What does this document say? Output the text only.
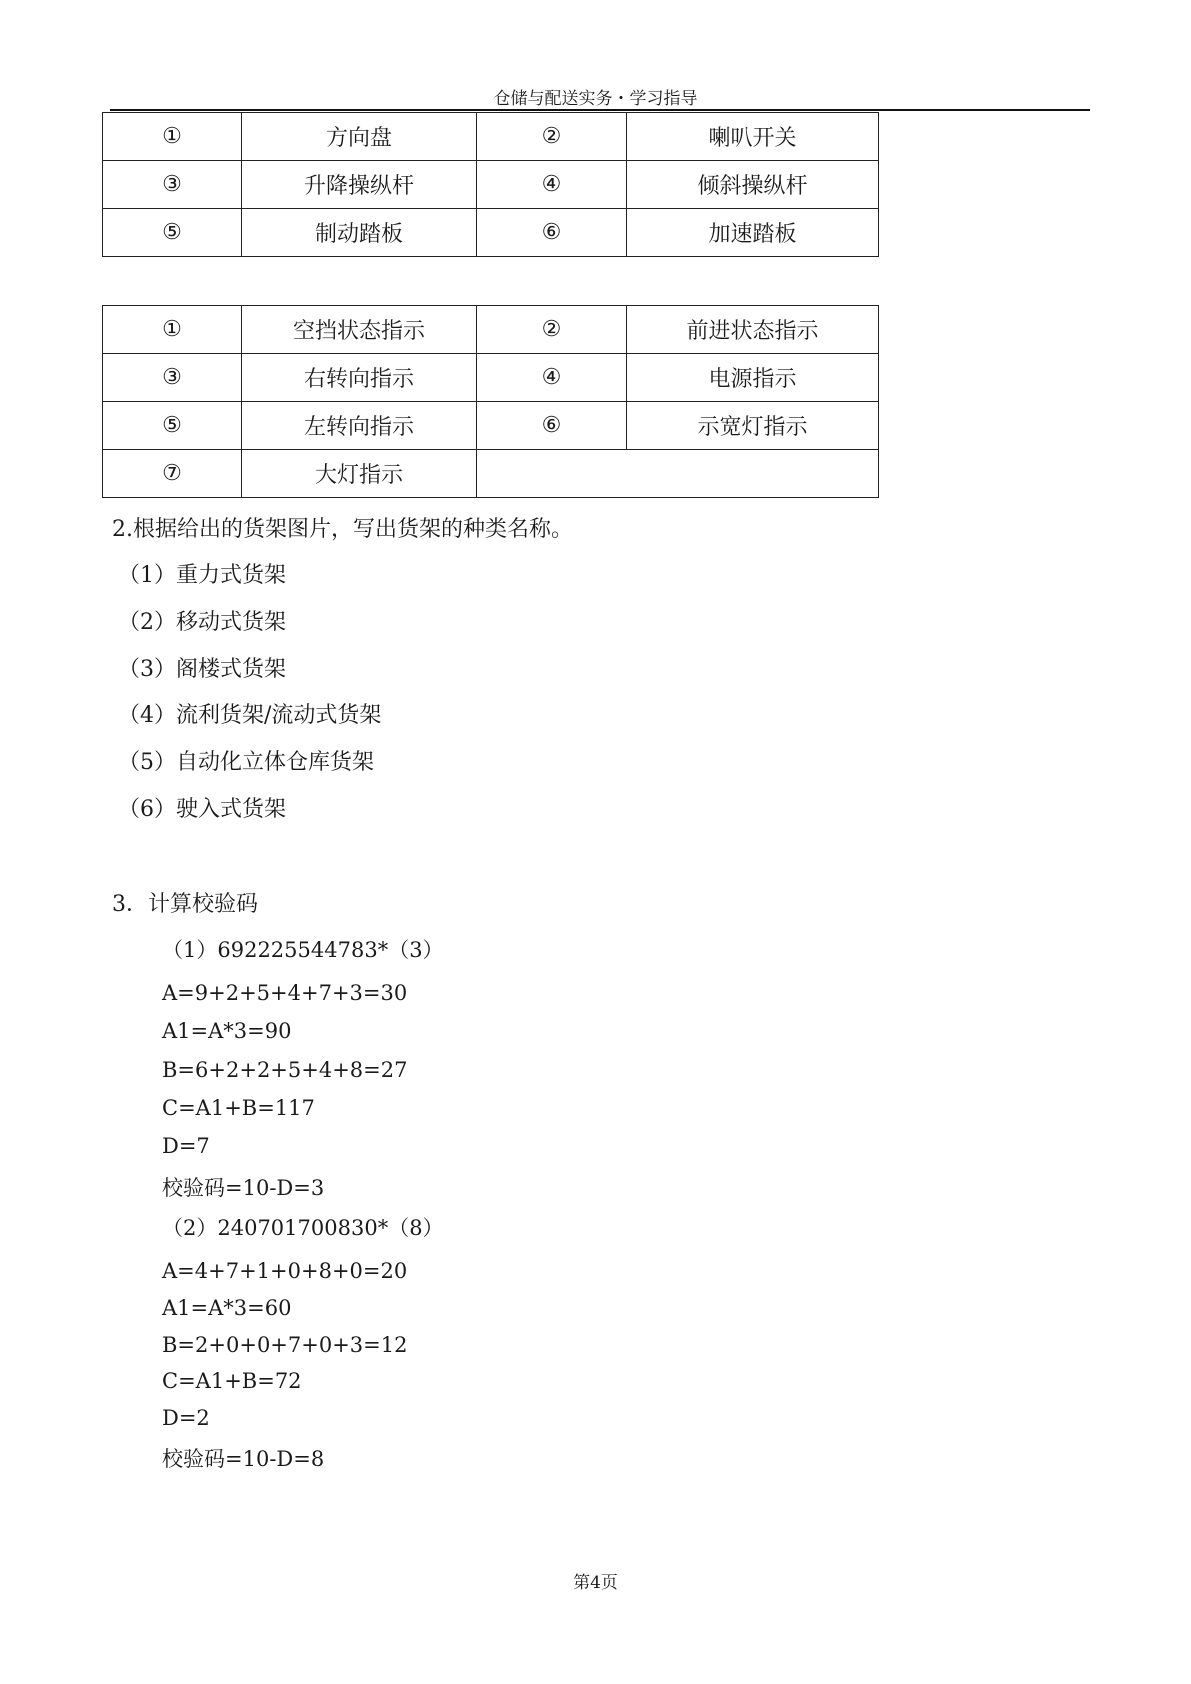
仓储与配送实务・学习指导
①	方向盘	②	喇叭开关
③	升降操纵杆	④	倾斜操纵杆
⑤	制动踏板	⑥	加速踏板
①	空挡状态指示	②	前进状态指示
③	右转向指示	④	电源指示
⑤	左转向指示	⑥	示宽灯指示
⑦	大灯指示		
2.根据给出的货架图片，写出货架的种类名称。
（1）重力式货架
（2）移动式货架
（3）阁楼式货架
（4）流利货架/流动式货架
（5）自动化立体仓库货架
（6）驶入式货架
3．计算校验码
（1）692225544783*（3）
A=9+2+5+4+7+3=30
A1=A*3=90
B=6+2+2+5+4+8=27
C=A1+B=117
D=7
校验码=10-D=3
（2）240701700830*（8）
A=4+7+1+0+8+0=20
A1=A*3=60
B=2+0+0+7+0+3=12
C=A1+B=72
D=2
校验码=10-D=8
第4页
